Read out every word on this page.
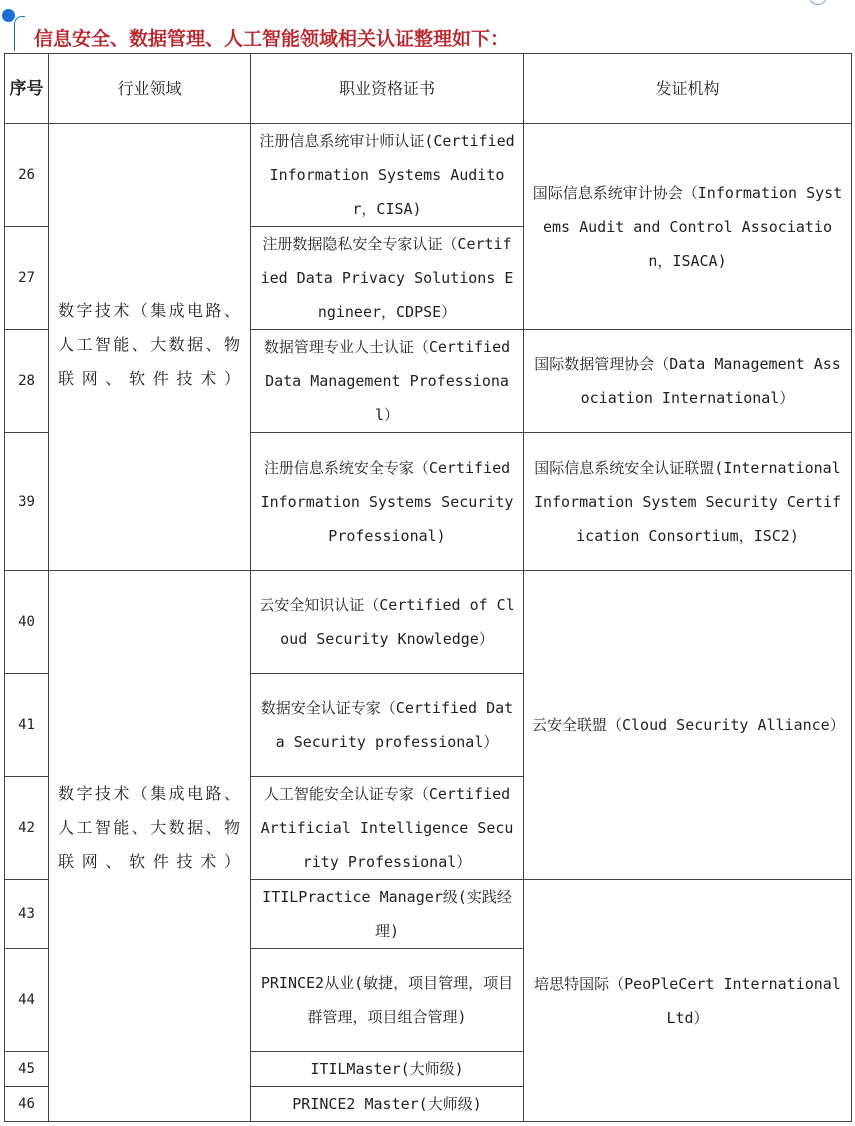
信息安全、数据管理、人工智能领域相关认证整理如下：
序号	行业领域	职业资格证书	发证机构
26	数字技术（集成电路、人工智能、大数据、物联网、软件技术）	注册信息系统审计师认证(Certified Information Systems Auditor，CISA)	国际信息系统审计协会（Information Systems Audit and Control Association，ISACA)
27		注册数据隐私安全专家认证（Certified Data Privacy Solutions Engineer，CDPSE）	
28		数据管理专业人士认证（Certified Data Management Professional）	国际数据管理协会（Data Management Association International）
39		注册信息系统安全专家（Certified Information Systems Security Professional)	国际信息系统安全认证联盟(International Information System Security Certification Consortium，ISC2)
40	数字技术（集成电路、人工智能、大数据、物联网、软件技术）	云安全知识认证（Certified of Cloud Security Knowledge）	云安全联盟（Cloud Security Alliance）
41		数据安全认证专家（Certified Data Security professional）	
42		人工智能安全认证专家（Certified Artificial Intelligence Security Professional）	
43		ITILPractice Manager级(实践经理)	培思特国际（PeoPleCert International Ltd）
44		PRINCE2从业(敏捷，项目管理，项目群管理，项目组合管理)	
45		ITILMaster(大师级)	
46		PRINCE2 Master(大师级)	
